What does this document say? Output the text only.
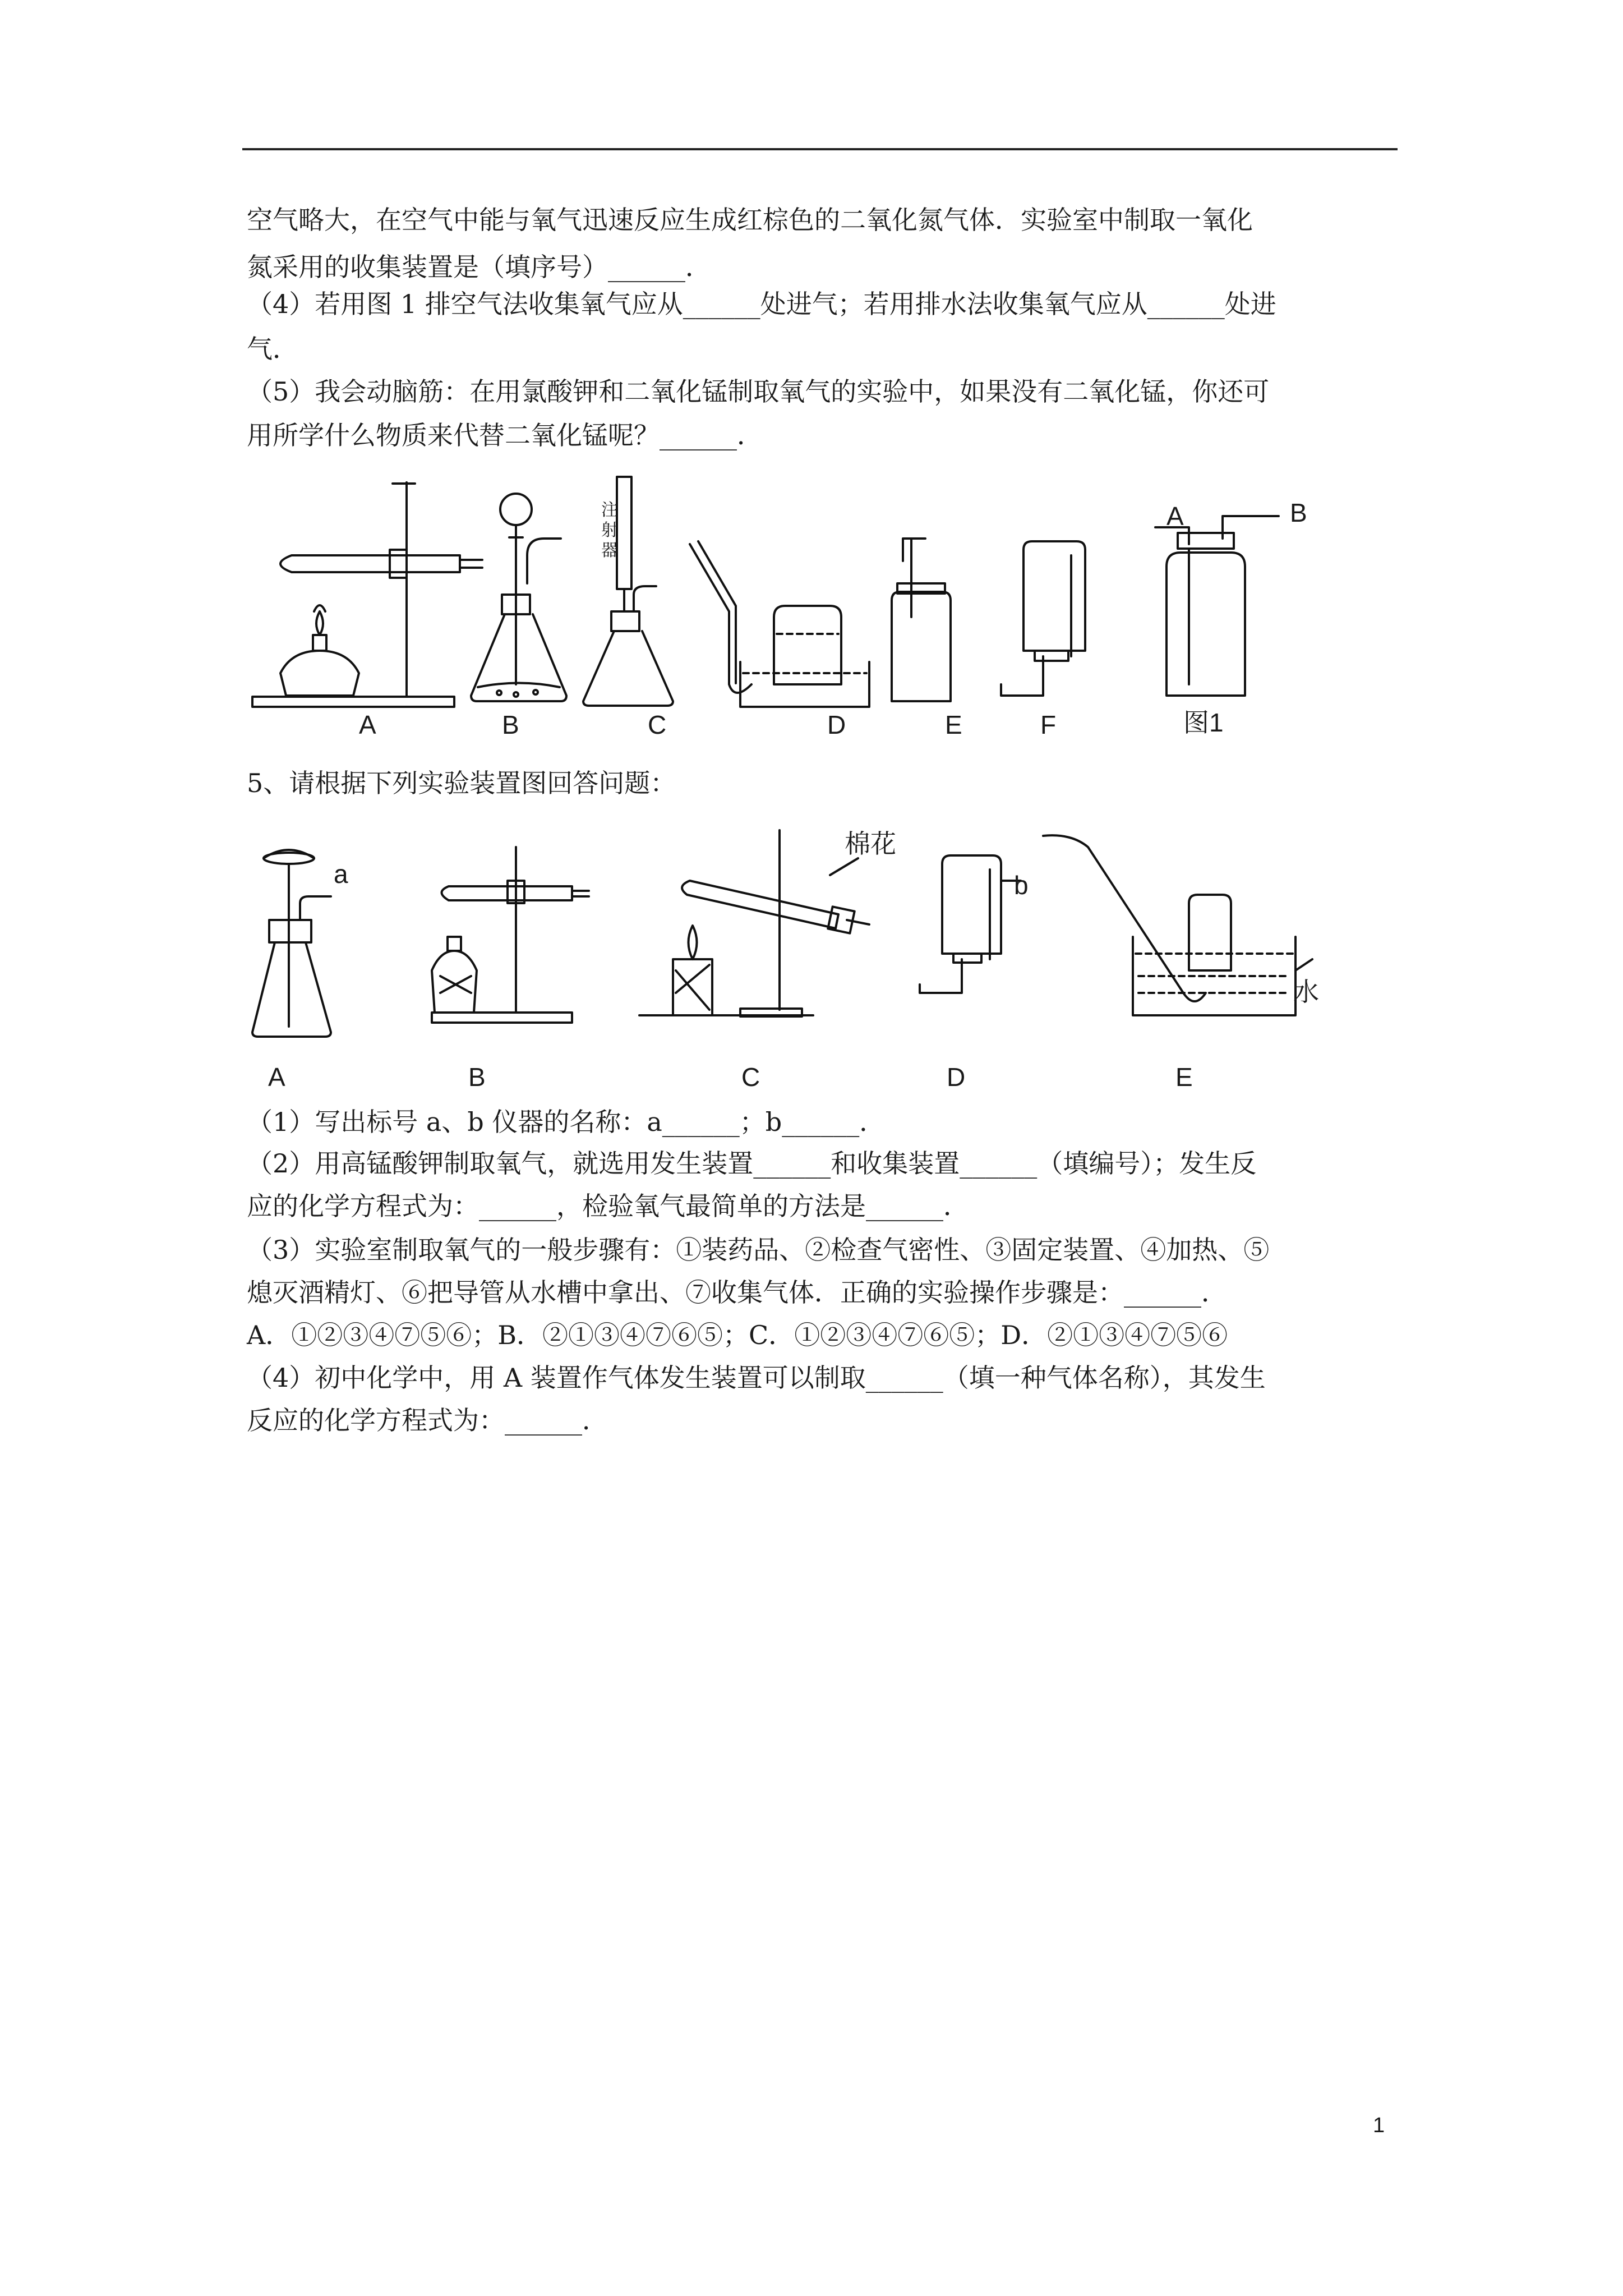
空气略大，在空气中能与氧气迅速反应生成红棕色的二氧化氮气体．实验室中制取一氧化
氮采用的收集装置是（填序号）______．
（4）若用图 1 排空气法收集氧气应从______处进气；若用排水法收集氧气应从______处进
气．
（5）我会动脑筋：在用氯酸钾和二氧化锰制取氧气的实验中，如果没有二氧化锰，你还可
用所学什么物质来代替二氧化锰呢？______．
A	B	C	D	E	F	图1
A	B
注射器
5、请根据下列实验装置图回答问题：
a	b
棉花
水
A	B	C	D	E
（1）写出标号 a、b 仪器的名称：a______；b______．
（2）用高锰酸钾制取氧气，就选用发生装置______和收集装置______（填编号）；发生反
应的化学方程式为：______，检验氧气最简单的方法是______．
（3）实验室制取氧气的一般步骤有：①装药品、②检查气密性、③固定装置、④加热、⑤
熄灭酒精灯、⑥把导管从水槽中拿出、⑦收集气体．正确的实验操作步骤是：______．
A．①②③④⑦⑤⑥；B．②①③④⑦⑥⑤；C．①②③④⑦⑥⑤；D．②①③④⑦⑤⑥
（4）初中化学中，用 A 装置作气体发生装置可以制取______（填一种气体名称），其发生
反应的化学方程式为：______．
1
